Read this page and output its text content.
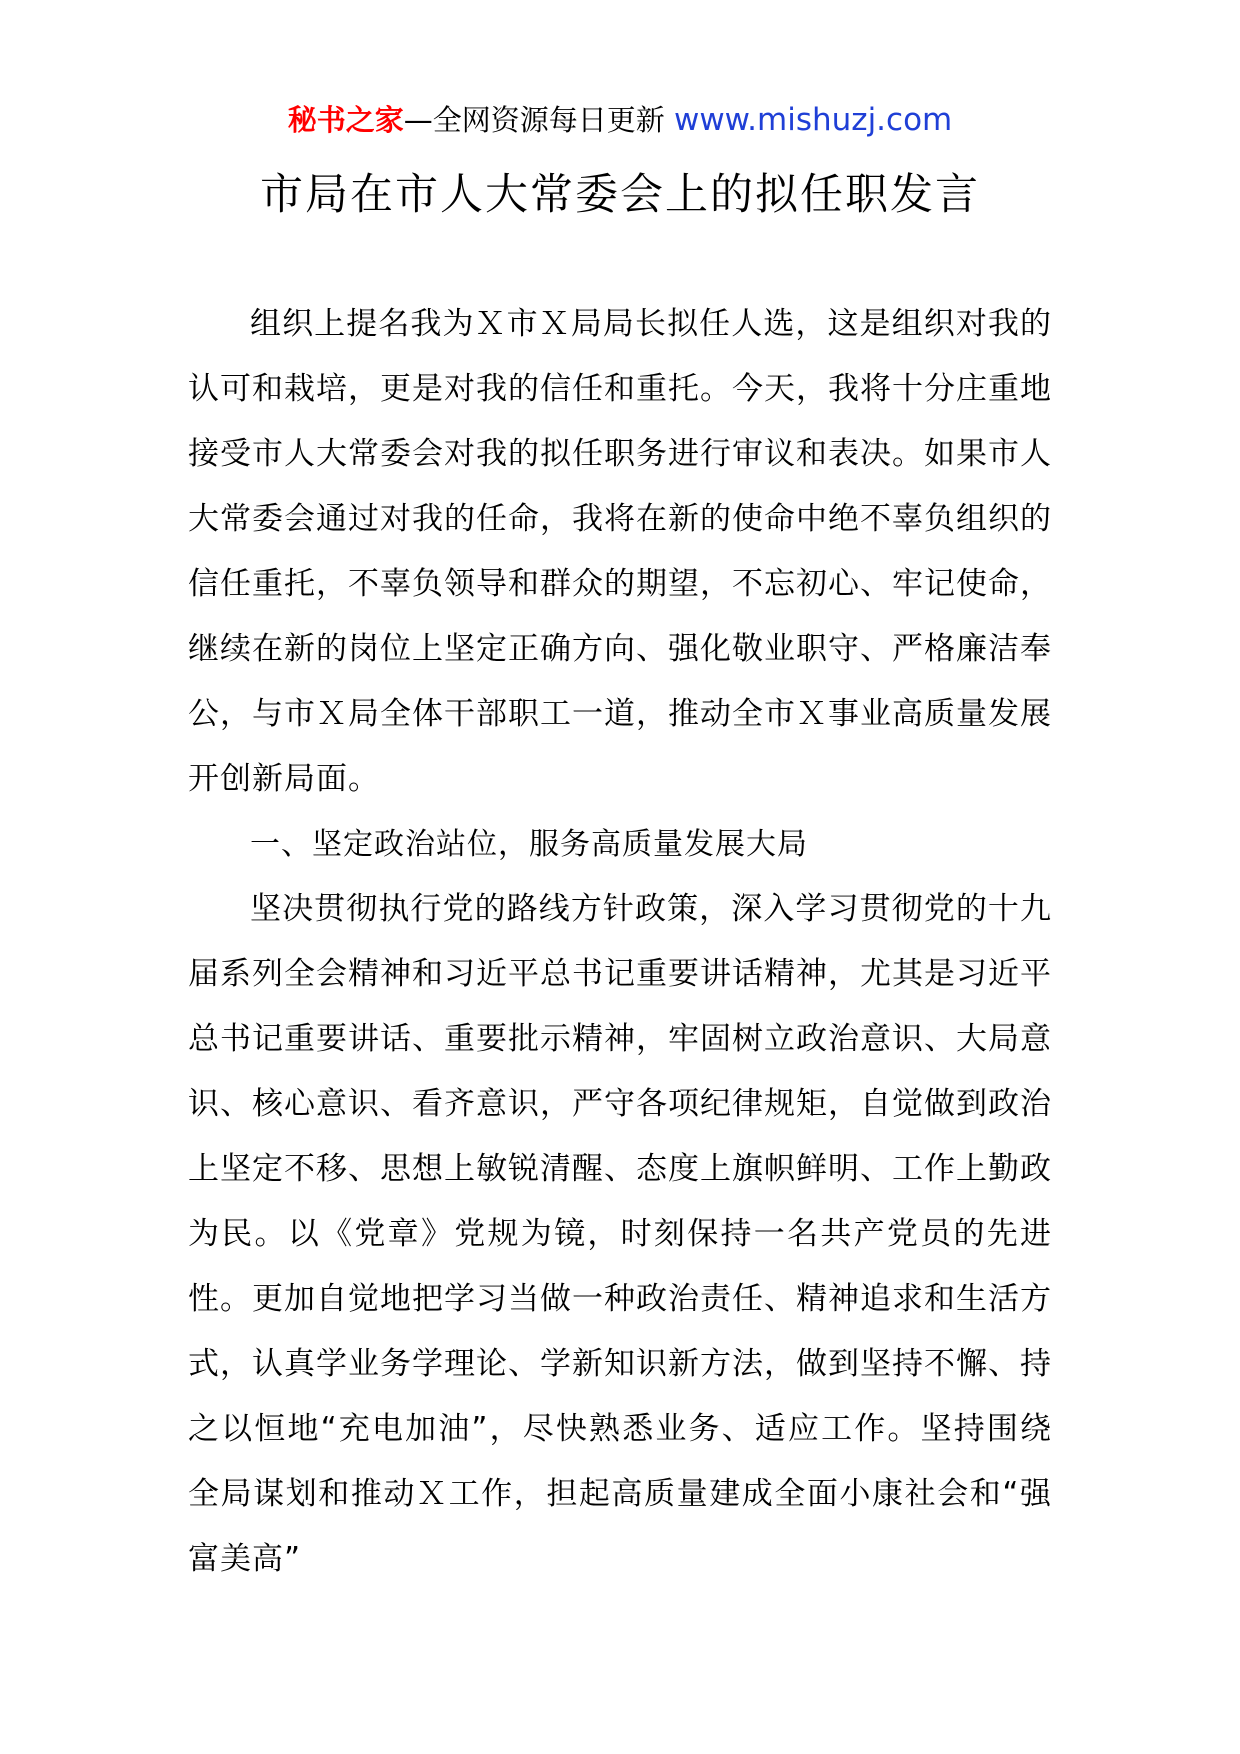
秘书之家—全网资源每日更新 www.mishuzj.com
市局在市人大常委会上的拟任职发言

组织上提名我为Ｘ市Ｘ局局长拟任人选，这是组织对我的认可和栽培，更是对我的信任和重托。今天，我将十分庄重地接受市人大常委会对我的拟任职务进行审议和表决。如果市人大常委会通过对我的任命，我将在新的使命中绝不辜负组织的信任重托，不辜负领导和群众的期望，不忘初心、牢记使命，继续在新的岗位上坚定正确方向、强化敬业职守、严格廉洁奉公，与市Ｘ局全体干部职工一道，推动全市Ｘ事业高质量发展开创新局面。

一、坚定政治站位，服务高质量发展大局

坚决贯彻执行党的路线方针政策，深入学习贯彻党的十九届系列全会精神和习近平总书记重要讲话精神，尤其是习近平总书记重要讲话、重要批示精神，牢固树立政治意识、大局意识、核心意识、看齐意识，严守各项纪律规矩，自觉做到政治上坚定不移、思想上敏锐清醒、态度上旗帜鲜明、工作上勤政为民。以《党章》党规为镜，时刻保持一名共产党员的先进性。更加自觉地把学习当做一种政治责任、精神追求和生活方式，认真学业务学理论、学新知识新方法，做到坚持不懈、持之以恒地“充电加油”，尽快熟悉业务、适应工作。坚持围绕全局谋划和推动Ｘ工作，担起高质量建成全面小康社会和“强富美高”
